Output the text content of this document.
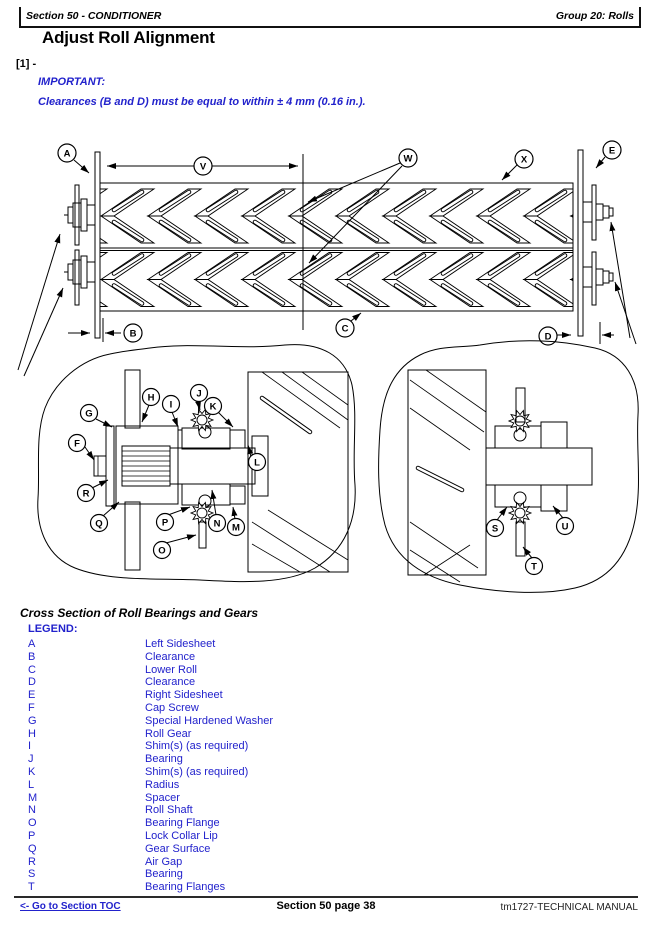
Section 50 - CONDITIONER	Group 20: Rolls
Adjust Roll Alignment
[1] -
IMPORTANT:
Clearances (B and D) must be equal to within ± 4 mm (0.16 in.).
A
V
W	X
E
B	C
D
G
H
I
J
K
F
R
Q	P
O
N M
L
S	U
T
Cross Section of Roll Bearings and Gears
LEGEND:
A	Left Sidesheet
B	Clearance
C	Lower Roll
D	Clearance
E	Right Sidesheet
F	Cap Screw
G	Special Hardened Washer
H	Roll Gear
I	Shim(s) (as required)
J	Bearing
K	Shim(s) (as required)
L	Radius
M	Spacer
N	Roll Shaft
O	Bearing Flange
P	Lock Collar Lip
Q	Gear Surface
R	Air Gap
S	Bearing
T	Bearing Flanges
<- Go to Section TOC	Section 50 page 38	tm1727-TECHNICAL MANUAL
